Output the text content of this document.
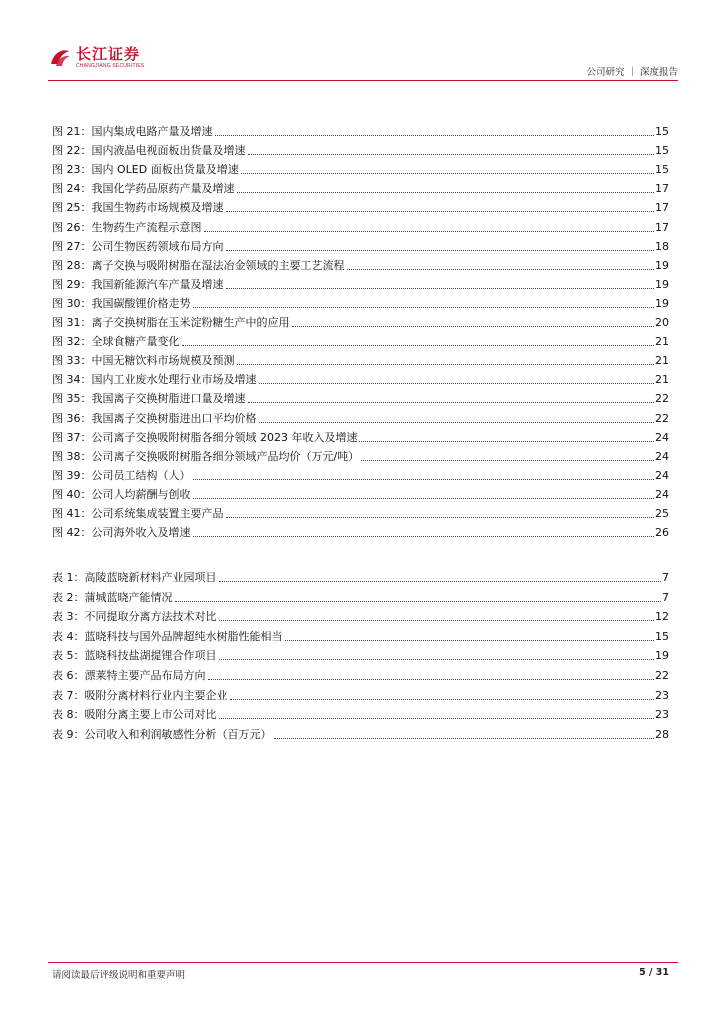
长江证券
CHANGJIANG SECURITIES
公司研究 ｜ 深度报告
图 21：国内集成电路产量及增速	15
图 22：国内液晶电视面板出货量及增速	15
图 23：国内 OLED 面板出货量及增速	15
图 24：我国化学药品原药产量及增速	17
图 25：我国生物药市场规模及增速	17
图 26：生物药生产流程示意图	17
图 27：公司生物医药领域布局方向	18
图 28：离子交换与吸附树脂在湿法冶金领域的主要工艺流程	19
图 29：我国新能源汽车产量及增速	19
图 30：我国碳酸锂价格走势	19
图 31：离子交换树脂在玉米淀粉糖生产中的应用	20
图 32：全球食糖产量变化	21
图 33：中国无糖饮料市场规模及预测	21
图 34：国内工业废水处理行业市场及增速	21
图 35：我国离子交换树脂进口量及增速	22
图 36：我国离子交换树脂进出口平均价格	22
图 37：公司离子交换吸附树脂各细分领域 2023 年收入及增速	24
图 38：公司离子交换吸附树脂各细分领域产品均价（万元/吨）	24
图 39：公司员工结构（人）	24
图 40：公司人均薪酬与创收	24
图 41：公司系统集成装置主要产品	25
图 42：公司海外收入及增速	26
表 1：高陵蓝晓新材料产业园项目	7
表 2：蒲城蓝晓产能情况	7
表 3：不同提取分离方法技术对比	12
表 4：蓝晓科技与国外品牌超纯水树脂性能相当	15
表 5：蓝晓科技盐湖提锂合作项目	19
表 6：漂莱特主要产品布局方向	22
表 7：吸附分离材料行业内主要企业	23
表 8：吸附分离主要上市公司对比	23
表 9：公司收入和利润敏感性分析（百万元）	28
请阅读最后评级说明和重要声明	5 / 31
